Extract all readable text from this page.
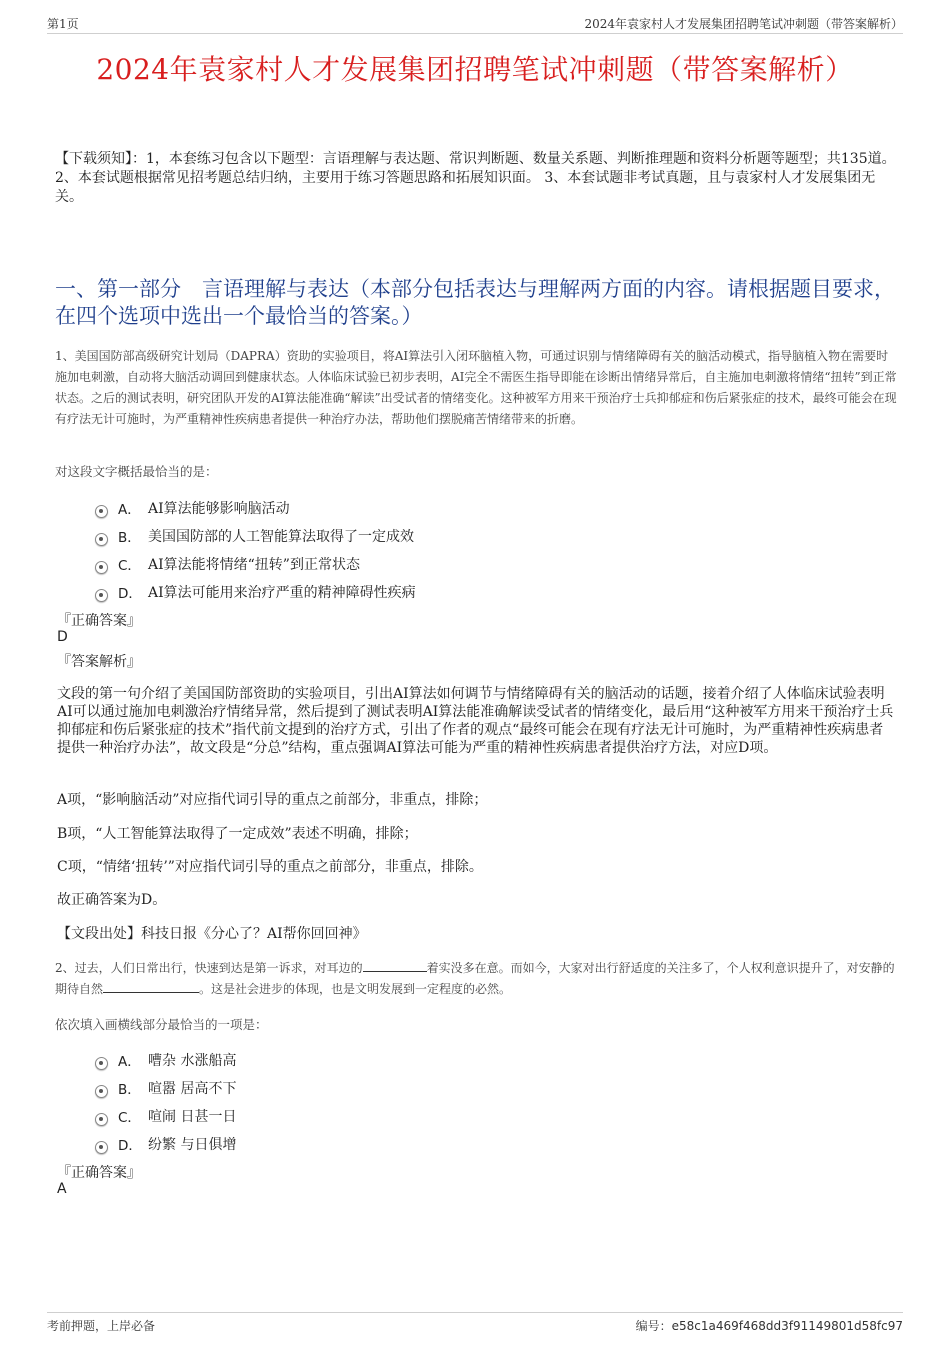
第1页	2024年袁家村人才发展集团招聘笔试冲刺题（带答案解析）
2024年袁家村人才发展集团招聘笔试冲刺题（带答案解析）
【下载须知】：1，本套练习包含以下题型：言语理解与表达题、常识判断题、数量关系题、判断推理题和资料分析题等题型；共135道。 2、本套试题根据常见招考题总结归纳，主要用于练习答题思路和拓展知识面。 3、本套试题非考试真题，且与袁家村人才发展集团无关。
一、第一部分　言语理解与表达（本部分包括表达与理解两方面的内容。请根据题目要求，在四个选项中选出一个最恰当的答案。）
1、美国国防部高级研究计划局（DAPRA）资助的实验项目，将AI算法引入闭环脑植入物，可通过识别与情绪障碍有关的脑活动模式，指导脑植入物在需要时施加电刺激，自动将大脑活动调回到健康状态。人体临床试验已初步表明，AI完全不需医生指导即能在诊断出情绪异常后，自主施加电刺激将情绪“扭转”到正常状态。之后的测试表明，研究团队开发的AI算法能准确“解读”出受试者的情绪变化。这种被军方用来干预治疗士兵抑郁症和伤后紧张症的技术，最终可能会在现有疗法无计可施时，为严重精神性疾病患者提供一种治疗办法，帮助他们摆脱痛苦情绪带来的折磨。
对这段文字概括最恰当的是：
A． AI算法能够影响脑活动
B． 美国国防部的人工智能算法取得了一定成效
C． AI算法能将情绪“扭转”到正常状态
D． AI算法可能用来治疗严重的精神障碍性疾病
『正确答案』
D
『答案解析』
文段的第一句介绍了美国国防部资助的实验项目，引出AI算法如何调节与情绪障碍有关的脑活动的话题，接着介绍了人体临床试验表明AI可以通过施加电刺激治疗情绪异常，然后提到了测试表明AI算法能准确解读受试者的情绪变化，最后用“这种被军方用来干预治疗士兵抑郁症和伤后紧张症的技术”指代前文提到的治疗方式，引出了作者的观点“最终可能会在现有疗法无计可施时，为严重精神性疾病患者提供一种治疗办法”，故文段是“分总”结构，重点强调AI算法可能为严重的精神性疾病患者提供治疗方法，对应D项。
A项，“影响脑活动”对应指代词引导的重点之前部分，非重点，排除；
B项，“人工智能算法取得了一定成效”表述不明确，排除；
C项，“情绪‘扭转’”对应指代词引导的重点之前部分，非重点，排除。
故正确答案为D。
【文段出处】科技日报《分心了？AI帮你回回神》
2、过去，人们日常出行，快速到达是第一诉求，对耳边的	着实没多在意。而如今，大家对出行舒适度的关注多了，个人权利意识提升了，对安静的期待自然	。这是社会进步的体现，也是文明发展到一定程度的必然。
依次填入画横线部分最恰当的一项是：
A． 嘈杂 水涨船高
B． 喧嚣 居高不下
C． 喧闹 日甚一日
D． 纷繁 与日俱增
『正确答案』
A
考前押题，上岸必备	编号：e58c1a469f468dd3f91149801d58fc97
